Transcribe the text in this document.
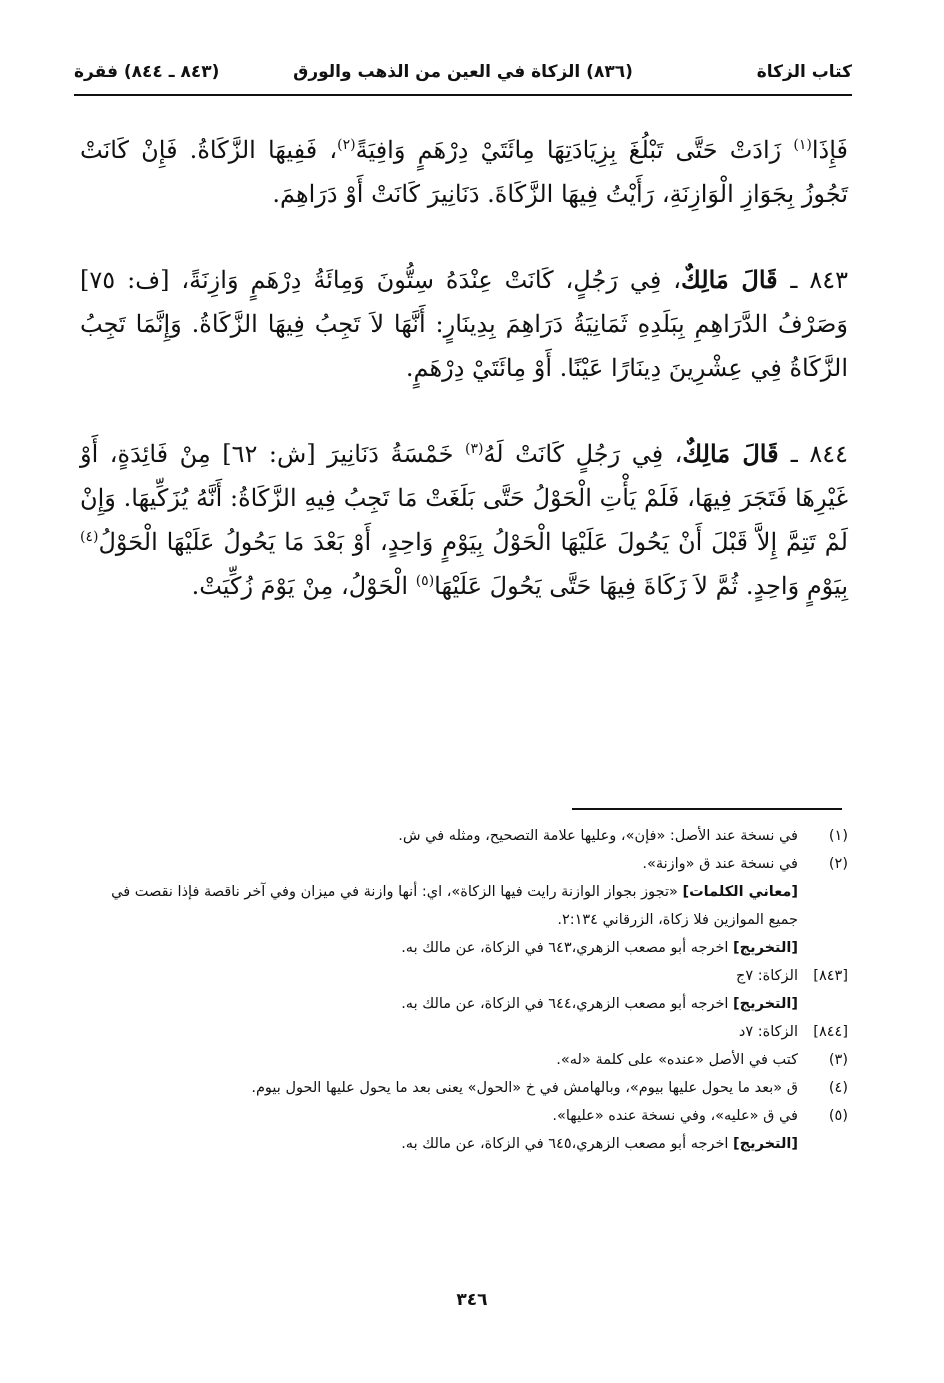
كتاب الزكاة
(٨٣٦) الزكاة في العين من الذهب والورق
(٨٤٣ ـ ٨٤٤) فقرة

فَإِذَا$^{(١)}$ زَادَتْ حَتَّى تَبْلُغَ بِزِيَادَتِهَا مِائَتَيْ دِرْهَمٍ وَافِيَةً$^{(٢)}$، فَفِيهَا الزَّكَاةُ. فَإِنْ كَانَتْ تَجُوزُ بِجَوَازِ الْوَازِنَةِ، رَأَيْتُ فِيهَا الزَّكَاةَ. دَنَانِيرَ كَانَتْ أَوْ دَرَاهِمَ.

٨٤٣ ـ قَالَ مَالِكٌ، فِي رَجُلٍ، كَانَتْ عِنْدَهُ سِتُّونَ وَمِائَةُ دِرْهَمٍ وَازِنَةً، [ف: ٧٥] وَصَرْفُ الدَّرَاهِمِ بِبَلَدِهِ ثَمَانِيَةُ دَرَاهِمَ بِدِينَارٍ: أَنَّهَا لاَ تَجِبُ فِيهَا الزَّكَاةُ. وَإِنَّمَا تَجِبُ الزَّكَاةُ فِي عِشْرِينَ دِينَارًا عَيْنًا. أَوْ مِائَتَيْ دِرْهَمٍ.

٨٤٤ ـ قَالَ مَالِكٌ، فِي رَجُلٍ كَانَتْ لَهُ$^{(٣)}$ خَمْسَةُ دَنَانِيرَ [ش: ٦٢] مِنْ فَائِدَةٍ، أَوْ غَيْرِهَا فَتَجَرَ فِيهَا، فَلَمْ يَأْتِ الْحَوْلُ حَتَّى بَلَغَتْ مَا تَجِبُ فِيهِ الزَّكَاةُ: أَنَّهُ يُزَكِّيهَا. وَإِنْ لَمْ تَتِمَّ إِلاَّ قَبْلَ أَنْ يَحُولَ عَلَيْهَا الْحَوْلُ بِيَوْمٍ وَاحِدٍ، أَوْ بَعْدَ مَا يَحُولُ عَلَيْهَا الْحَوْلُ$^{(٤)}$ بِيَوْمٍ وَاحِدٍ. ثُمَّ لاَ زَكَاةَ فِيهَا حَتَّى يَحُولَ عَلَيْهَا$^{(٥)}$ الْحَوْلُ، مِنْ يَوْمَ زُكِّيَتْ.

(١)
في نسخة عند الأصل: «فإن»، وعليها علامة التصحيح، ومثله في ش.
(٢)
في نسخة عند ق «وازنة».
[معاني الكلمات] «تجوز بجواز الوازنة رايت فيها الزكاة»، اي: أنها وازنة في ميزان وفي آخر ناقصة فإذا نقصت في جميع الموازين فلا زكاة، الزرقاني ٢:١٣٤.
[التخريج] اخرجه أبو مصعب الزهري،٦٤٣ في الزكاة، عن مالك به.
[٨٤٣]
الزكاة: ٧ج
[التخريج] اخرجه أبو مصعب الزهري،٦٤٤ في الزكاة، عن مالك به.
[٨٤٤]
الزكاة: ٧د
(٣)
كتب في الأصل «عنده» على كلمة «له».
(٤)
ق «بعد ما يحول عليها بيوم»، وبالهامش في خ «الحول» يعنى بعد ما يحول عليها الحول بيوم.
(٥)
في ق «عليه»، وفي نسخة عنده «عليها».
[التخريج] اخرجه أبو مصعب الزهري،٦٤٥ في الزكاة، عن مالك به.
٣٤٦
